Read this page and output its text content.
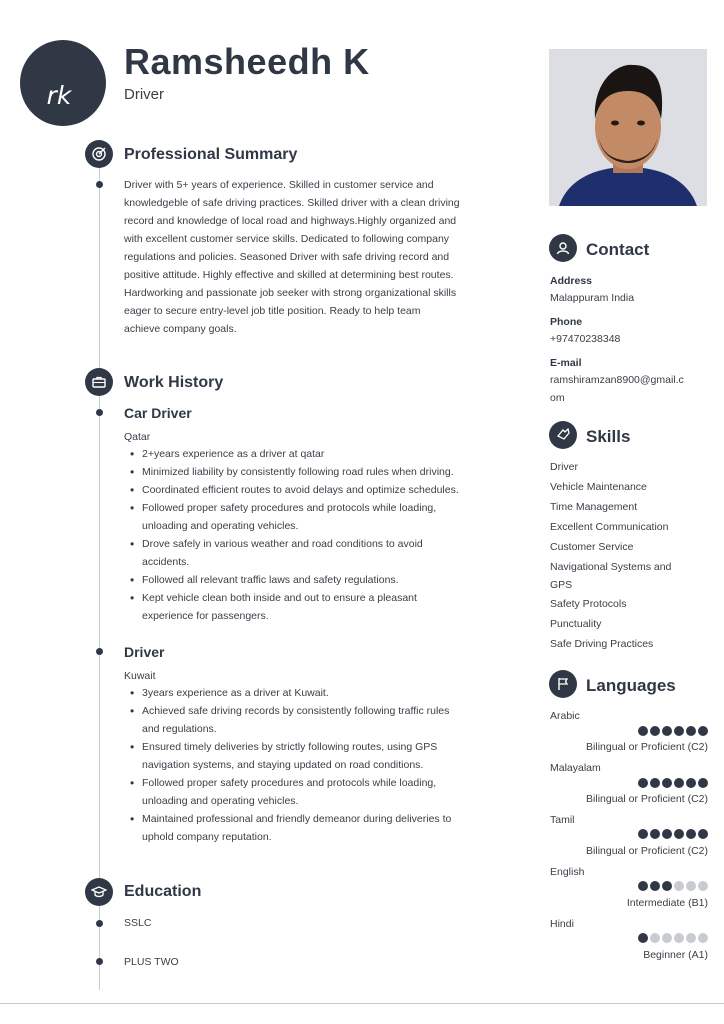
rk
Ramsheedh K
Driver
Professional Summary
Driver with 5+ years of experience. Skilled in customer service and
knowledgeble of safe driving practices. Skilled driver with a clean driving
record and knowledge of local road and highways.Highly organized and
with excellent customer service skills. Dedicated to following company
regulations and policies. Seasoned Driver with safe driving record and
positive attitude. Highly effective and skilled at determining best routes.
Hardworking and passionate job seeker with strong organizational skills
eager to secure entry-level job title position. Ready to help team
achieve company goals.
Work History
Car Driver
Qatar
• 2+years experience as a driver at qatar
• Minimized liability by consistently following road rules when driving.
• Coordinated efficient routes to avoid delays and optimize schedules.
• Followed proper safety procedures and protocols while loading,
unloading and operating vehicles.
• Drove safely in various weather and road conditions to avoid
accidents.
• Followed all relevant traffic laws and safety regulations.
• Kept vehicle clean both inside and out to ensure a pleasant
experience for passengers.
Driver
Kuwait
• 3years experience as a driver at Kuwait.
• Achieved safe driving records by consistently following traffic rules
and regulations.
• Ensured timely deliveries by strictly following routes, using GPS
navigation systems, and staying updated on road conditions.
• Followed proper safety procedures and protocols while loading,
unloading and operating vehicles.
• Maintained professional and friendly demeanor during deliveries to
uphold company reputation.
Education
SSLC
PLUS TWO
Contact
Address
Malappuram India
Phone
+97470238348
E-mail
ramshiramzan8900@gmail.c
om
Skills
Driver
Vehicle Maintenance
Time Management
Excellent Communication
Customer Service
Navigational Systems and
GPS
Safety Protocols
Punctuality
Safe Driving Practices
Languages
Arabic
Bilingual or Proficient (C2)
Malayalam
Bilingual or Proficient (C2)
Tamil
Bilingual or Proficient (C2)
English
Intermediate (B1)
Hindi
Beginner (A1)
